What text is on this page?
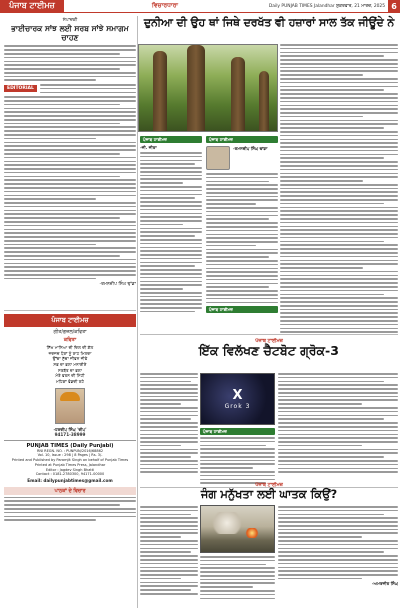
ਪੰਜਾਬ ਟਾਈਮਜ਼	ਵਿਚਾਰਧਾਰਾ	Daily PUNJAB TIMES Jalandhar ਸ਼ੁਕਰਵਾਰ, 21 ਮਾਰਚ, 2025 6
ਸੰਪਾਦਕੀ
ਭਾਈਚਾਰਕ ਸਾਂਝ ਲਈ ਸਰਬ ਸਾਂਝੇ ਸਮਾਗਮ ਚਾਹਣ
EDITORIAL
-ਰਮਨਦੀਪ ਸਿੰਘ ਢਾਂਡਾ
ਦੁਨੀਆ ਦੀ ਉਹ ਥਾਂ ਜਿਥੇ ਦਰਖੱਤ ਵੀ ਹਜ਼ਾਰਾਂ ਸਾਲ ਤੱਕ ਜੀਊਂਦੇ ਨੇ
ਪੰਜਾਬ ਟਾਈਮਜ਼
-ਜੀ. ਜੀਤਾ
ਪੰਜਾਬ ਟਾਈਮਜ਼
-ਰਮਨਦੀਪ ਸਿੰਘ ਢਾਂਡਾ
ਪੰਜਾਬ ਟਾਈਮਜ਼
ਪੰਜਾਬ ਟਾਈਮਜ਼
ਗੀਤ/ਗਜ਼ਲ/ਕਵਿਤਾ
ਕਵਿਤਾ
ਸਿੱਖ ਮਾਨਿਆ ਦੀ ਦਿਲ ਦੀ ਗੱਲ
ਜਦਜਦ ਪੈਰਾਂ ਨੂੰ ਰਾਹ ਮਿਲਦਾ
ਉੱਚਾ ਸੁੱਚਾ ਜੀਵਨ ਜੀਵੇ
ਸਭ ਦਾ ਭਲਾ ਮਨਾਈਏ
ਸਰਬੱਤ ਦਾ ਭਲਾ
ਮੇਰੇ ਵਤਨ ਦੀ ਮਿੱਟੀ
ਮਹਿਕਾਂ ਵੰਡਦੀ ਰਹੇ
-ਹਰਦੀਪ ਸਿੰਘ 'ਦੀਪ'
94171-38999
PUNJAB TIMES (Daily Punjabi)
RNI REGN. NO. : PUNPUN/2016/68862
Vol. 10, Issue : 298 | 8 Pages | Rs. 3/-
Printed and Published by Paramjit Singh on behalf of Punjab Times
Printed at Punjab Times Press, Jalandhar
Editor : Jagdev Singh Bhatti
Contact : 0181-2780300, 94171-00000
Email: dailypunjabtimes@gmail.com
ਪਾਠਕਾਂ ਦੇ ਵਿਚਾਰ
ਪੰਜਾਬ ਟਾਈਮਜ਼
ਇੱਕ ਵਿਲੱਖਣ ਚੈਟਬੋਟ ਗ੍ਰੋਕ-3
X
Grok 3
ਪੰਜਾਬ ਟਾਈਮਜ਼
ਪੰਜਾਬ ਟਾਈਮਜ਼
ਜੰਗ ਮਨੁੱਖਤਾ ਲਈ ਘਾਤਕ ਕਿਉਂ?
-ਅਮਰਜੀਤ ਸਿੰਘ
